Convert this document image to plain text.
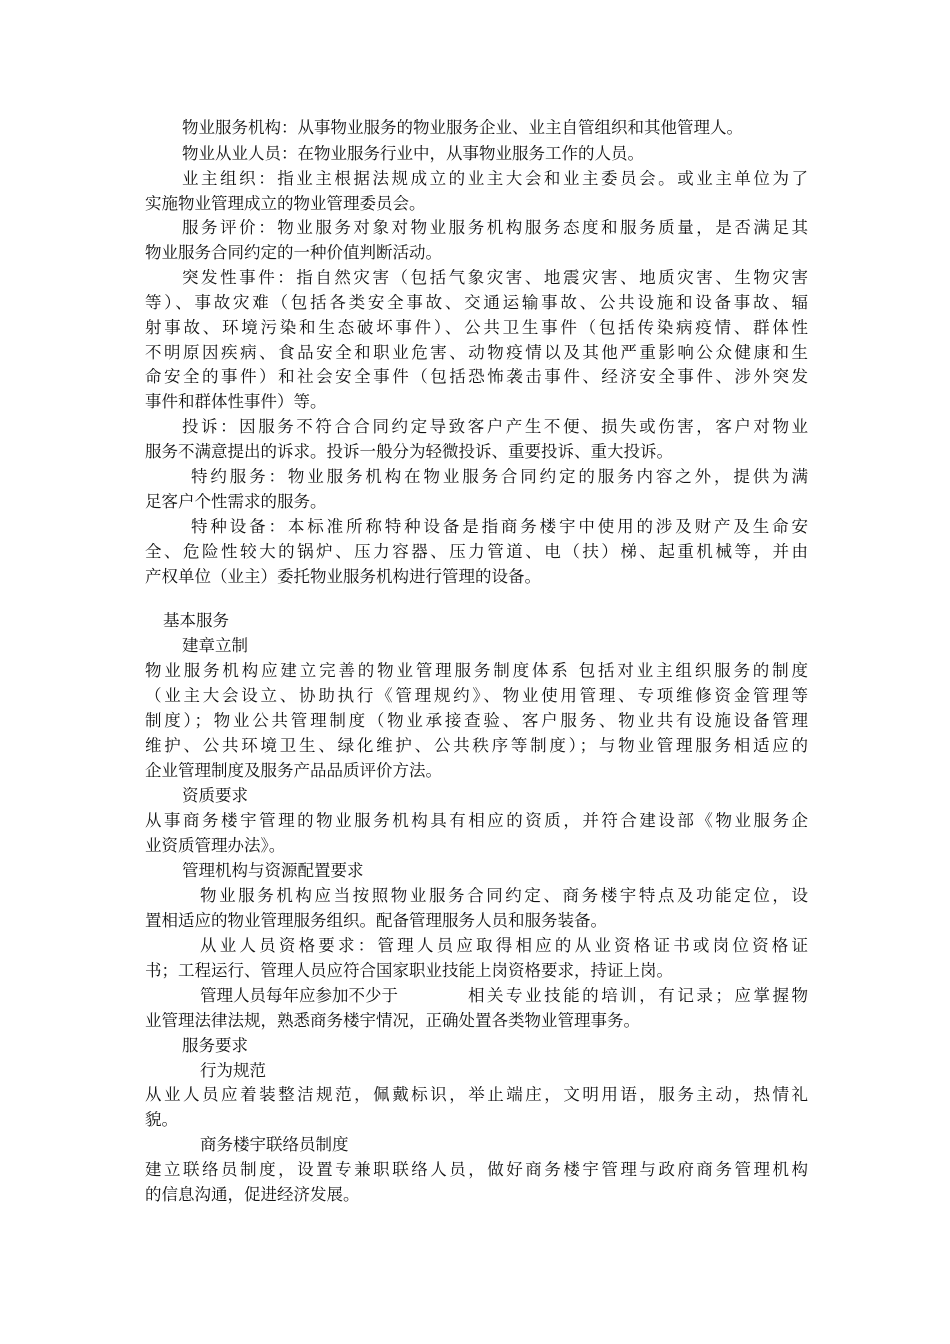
物业服务机构：从事物业服务的物业服务企业、业主自管组织和其他管理人。

物业从业人员：在物业服务行业中，从事物业服务工作的人员。

业主组织：指业主根据法规成立的业主大会和业主委员会。或业主单位为了

实施物业管理成立的物业管理委员会。

服务评价：物业服务对象对物业服务机构服务态度和服务质量，是否满足其

物业服务合同约定的一种价值判断活动。

突发性事件：指自然灾害（包括气象灾害、地震灾害、地质灾害、生物灾害

等）、事故灾难（包括各类安全事故、交通运输事故、公共设施和设备事故、辐

射事故、环境污染和生态破坏事件）、公共卫生事件（包括传染病疫情、群体性

不明原因疾病、食品安全和职业危害、动物疫情以及其他严重影响公众健康和生

命安全的事件）和社会安全事件（包括恐怖袭击事件、经济安全事件、涉外突发

事件和群体性事件）等。

投诉：因服务不符合合同约定导致客户产生不便、损失或伤害，客户对物业

服务不满意提出的诉求。投诉一般分为轻微投诉、重要投诉、重大投诉。

特约服务：物业服务机构在物业服务合同约定的服务内容之外，提供为满

足客户个性需求的服务。

特种设备：本标准所称特种设备是指商务楼宇中使用的涉及财产及生命安

全、危险性较大的锅炉、压力容器、压力管道、电（扶）梯、起重机械等，并由

产权单位（业主）委托物业服务机构进行管理的设备。

基本服务

建章立制

物业服务机构应建立完善的物业管理服务制度体系 包括对业主组织服务的制度

（业主大会设立、协助执行《管理规约》、物业使用管理、专项维修资金管理等

制度）；物业公共管理制度（物业承接查验、客户服务、物业共有设施设备管理

维护、公共环境卫生、绿化维护、公共秩序等制度）；与物业管理服务相适应的

企业管理制度及服务产品品质评价方法。

资质要求

从事商务楼宇管理的物业服务机构具有相应的资质，并符合建设部《物业服务企

业资质管理办法》。

管理机构与资源配置要求

物业服务机构应当按照物业服务合同约定、商务楼宇特点及功能定位，设

置相适应的物业管理服务组织。配备管理服务人员和服务装备。

从业人员资格要求：管理人员应取得相应的从业资格证书或岗位资格证

书；工程运行、管理人员应符合国家职业技能上岗资格要求，持证上岗。

管理人员每年应参加不少于	相关专业技能的培训，有记录；应掌握物

业管理法律法规，熟悉商务楼宇情况，正确处置各类物业管理事务。

服务要求

行为规范

从业人员应着装整洁规范，佩戴标识，举止端庄，文明用语，服务主动，热情礼

貌。

商务楼宇联络员制度

建立联络员制度，设置专兼职联络人员，做好商务楼宇管理与政府商务管理机构

的信息沟通，促进经济发展。
